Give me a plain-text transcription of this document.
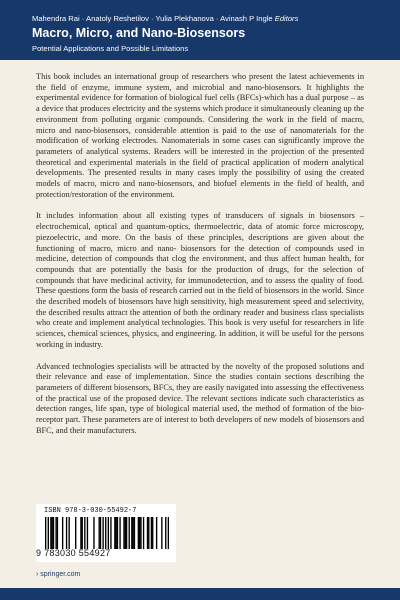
Mahendra Rai · Anatoly Reshetilov · Yulia Plekhanova · Avinash P Ingle Editors
Macro, Micro, and Nano-Biosensors
Potential Applications and Possible Limitations

This book includes an international group of researchers who present the latest achievements in the field of enzyme, immune system, and microbial and nano-biosensors. It highlights the experimental evidence for formation of biological fuel cells (BFCs)-which has a dual purpose – as a device that produces electricity and the systems which produce it simultaneously cleaning up the environment from polluting organic compounds. Considering the work in the field of macro, micro and nano-biosensors, considerable attention is paid to the use of nanomaterials for the modification of working electrodes. Nanomaterials in some cases can significantly improve the parameters of analytical systems. Readers will be interested in the projection of the presented theoretical and experimental materials in the field of practical application of modern analytical developments. The presented results in many cases imply the possibility of using the created models of macro, micro and nano-biosensors, and biofuel elements in the field of health, and protection/restoration of the environment.

It includes information about all existing types of transducers of signals in biosensors – electrochemical, optical and quantum-optics, thermoelectric, data of atomic force microscopy, piezoelectric, and more. On the basis of these principles, descriptions are given about the functioning of macro, micro and nano- biosensors for the detection of compounds used in medicine, detection of compounds that clog the environment, and thus affect human health, for compounds that are potentially the basis for the production of drugs, for the selection of compounds that have medicinal activity, for immunodetection, and to assess the quality of food. These questions form the basis of research carried out in the field of biosensors in the world. Since the described models of biosensors have high sensitivity, high measurement speed and selectivity, the described results attract the attention of both the ordinary reader and business class specialists who create and implement analytical technologies. This book is very useful for researchers in life sciences, chemical sciences, physics, and engineering. In addition, it will be useful for the persons working in industry.

Advanced technologies specialists will be attracted by the novelty of the proposed solutions and their relevance and ease of implementation. Since the studies contain sections describing the parameters of different biosensors, BFCs, they are easily navigated into assessing the effectiveness of the practical use of the proposed device. The relevant sections indicate such characteristics as detection ranges, life span, type of biological material used, the method of formation of the bio-receptor part. These parameters are of interest to both developers of new models of biosensors and BFC, and their manufacturers.

ISBN 978-3-030-55492-7
9 783030 554927
› springer.com
